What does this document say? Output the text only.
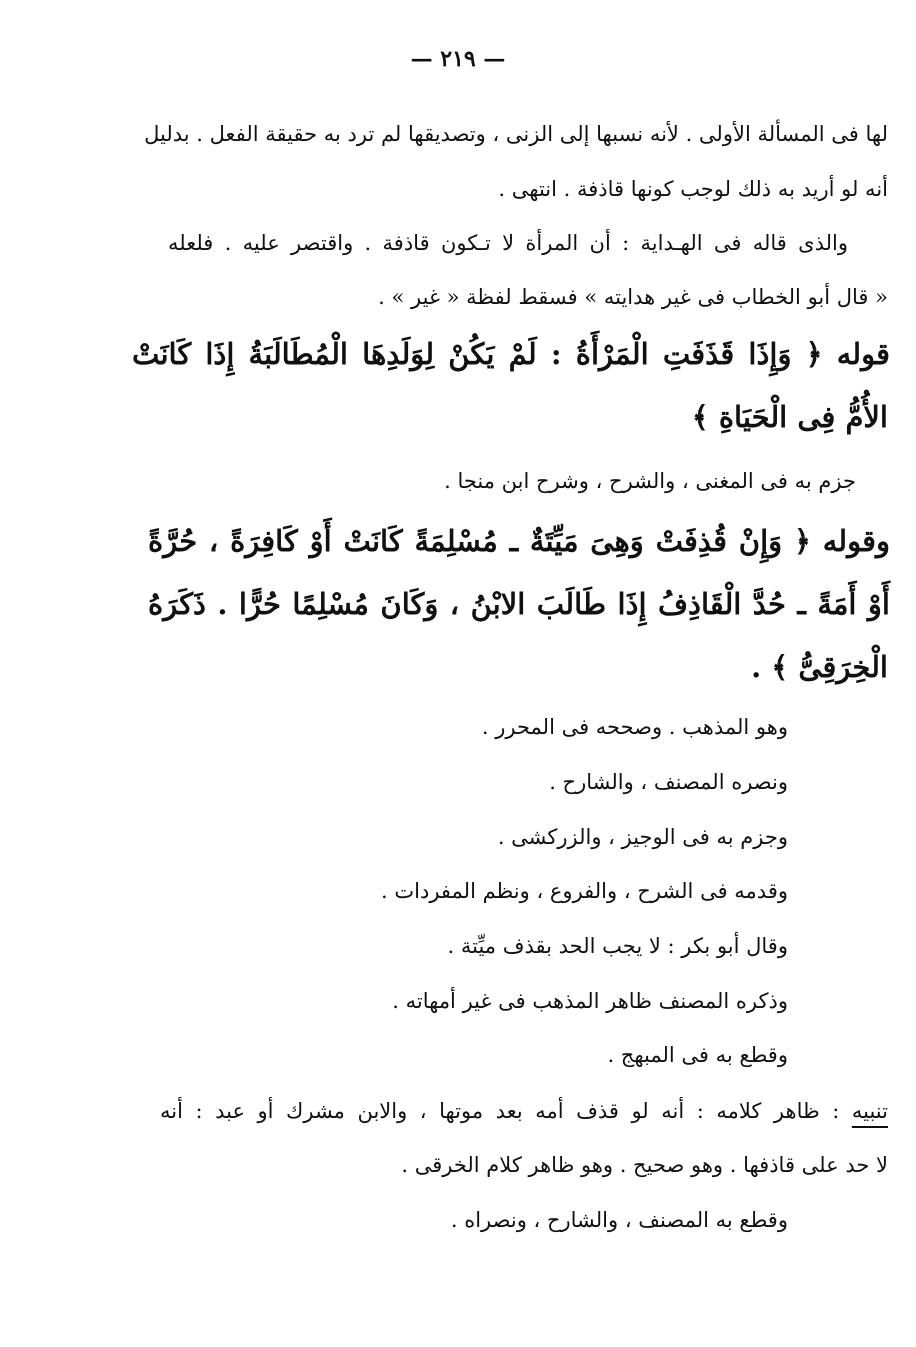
— ٢١٩ —

لها فى المسألة الأولى . لأنه نسبها إلى الزنى ، وتصديقها لم ترد به حقيقة الفعل . بدليل

أنه لو أريد به ذلك لوجب كونها قاذفة . انتهى .

والذى قاله فى الهـداية : أن المرأة لا تـكون قاذفة . واقتصر عليه . فلعله

« قال أبو الخطاب فى غير هدايته » فسقط لفظة « غير » .

قوله ﴿ وَإِذَا قَذَفَتِ الْمَرْأَةُ : لَمْ يَكُنْ لِوَلَدِهَا الْمُطَالَبَةُ إِذَا كَانَتْ

الأُمُّ فِى الْحَيَاةِ ﴾

جزم به فى المغنى ، والشرح ، وشرح ابن منجا .

وقوله ﴿ وَإِنْ قُذِفَتْ وَهِىَ مَيِّتَةٌ ـ مُسْلِمَةً كَانَتْ أَوْ كَافِرَةً ، حُرَّةً

أَوْ أَمَةً ـ حُدَّ الْقَاذِفُ إِذَا طَالَبَ الابْنُ ، وَكَانَ مُسْلِمًا حُرًّا . ذَكَرَهُ

الْخِرَقِىُّ ﴾ .

وهو المذهب . وصححه فى المحرر .

ونصره المصنف ، والشارح .

وجزم به فى الوجيز ، والزركشى .

وقدمه فى الشرح ، والفروع ، ونظم المفردات .

وقال أبو بكر : لا يجب الحد بقذف ميِّتة .

وذكره المصنف ظاهر المذهب فى غير أمهاته .

وقطع به فى المبهج .

تنبيه : ظاهر كلامه : أنه لو قذف أمه بعد موتها ، والابن مشرك أو عبد : أنه

لا حد على قاذفها . وهو صحيح . وهو ظاهر كلام الخرقى .

وقطع به المصنف ، والشارح ، ونصراه .
